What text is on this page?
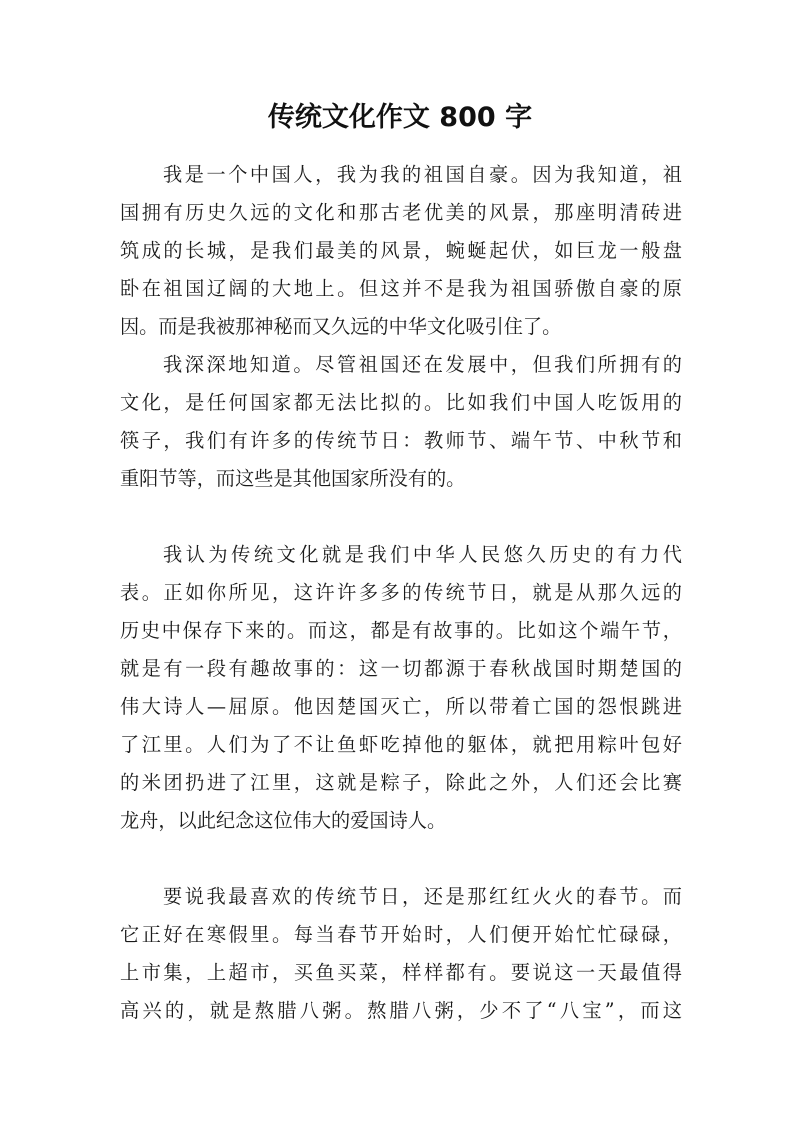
传统文化作文 800 字
我是一个中国人，我为我的祖国自豪。因为我知道，祖
国拥有历史久远的文化和那古老优美的风景，那座明清砖进
筑成的长城，是我们最美的风景，蜿蜒起伏，如巨龙一般盘
卧在祖国辽阔的大地上。但这并不是我为祖国骄傲自豪的原
因。而是我被那神秘而又久远的中华文化吸引住了。
我深深地知道。尽管祖国还在发展中，但我们所拥有的
文化，是任何国家都无法比拟的。比如我们中国人吃饭用的
筷子，我们有许多的传统节日：教师节、端午节、中秋节和
重阳节等，而这些是其他国家所没有的。
我认为传统文化就是我们中华人民悠久历史的有力代
表。正如你所见，这许许多多的传统节日，就是从那久远的
历史中保存下来的。而这，都是有故事的。比如这个端午节，
就是有一段有趣故事的：这一切都源于春秋战国时期楚国的
伟大诗人—屈原。他因楚国灭亡，所以带着亡国的怨恨跳进
了江里。人们为了不让鱼虾吃掉他的躯体，就把用粽叶包好
的米团扔进了江里，这就是粽子，除此之外，人们还会比赛
龙舟，以此纪念这位伟大的爱国诗人。
要说我最喜欢的传统节日，还是那红红火火的春节。而
它正好在寒假里。每当春节开始时，人们便开始忙忙碌碌，
上市集，上超市，买鱼买菜，样样都有。要说这一天最值得
高兴的，就是熬腊八粥。熬腊八粥，少不了“八宝”，而这
